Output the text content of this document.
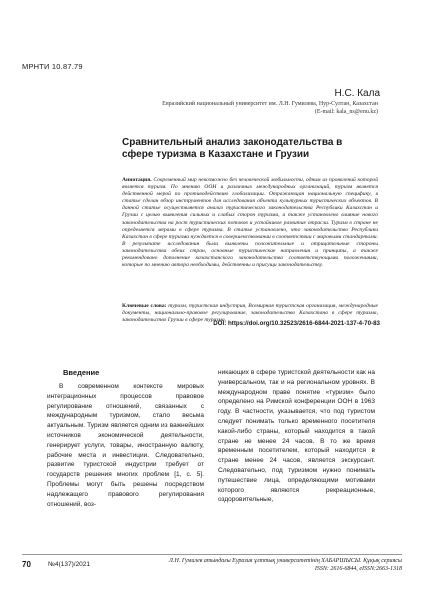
МРНТИ 10.87.79
Н.С. Кала
Евразийский национальный университет им. Л.Н. Гумилева, Нур-Султан, Казахстан
(E-mail: kala_ns@enu.kz)
Сравнительный анализ законодательства в сфере туризма в Казахстане и Грузии
Аннотация. Современный мир невозможно без человеческой мобильности, одним из проявлений которой является туризм. По мнению ООН и различных международных организаций, туризм является действенной мерой по противодействию глобализации. Отражающая национальную специфику, в статье сделан обзор инструментов для исследования объекта культурных туристических объектов. В данной статье осуществляется анализ туристического законодательства Республики Казахстан и Грузии с целью выявления сильных и слабых сторон туризма, а также установлено влияние нового законодательства на рост туристических потоков и устойчивое развитие отрасли. Туризм в стране не определяется мерами в сфере туризма. В статье установлено, что законодательство Республики Казахстан в сфере туризма нуждается в совершенствовании в соответствии с мировыми стандартами. В результате исследования были выявлены положительные и отрицательные стороны законодательства обеих стран, основные туристические направления и принципы, а также рекомендовано дополнение казахстанского законодательства соответствующими положениями, которые по мнению автора необходимы, действенны и присущи законодательству.
Ключевые слова: туризм, туристская индустрия, Всемирная туристская организация, международные документы, национально-правовое регулирование, законодательство Казахстана в сфере туризма, законодательство Грузии в сфере туризма.
DOI: https://doi.org/10.32523/2616-6844-2021-137-4-70-83
Введение

В современном контексте мировых интеграционных процессов правовое регулирование отношений, связанных с международным туризмом, стало весьма актуальным. Туризм является одним из важнейших источников экономической деятельности, генерирует услуги, товары, иностранную валюту, рабочие места и инвестиции. Следовательно, развитие туристской индустрии требует от государств решения многих проблем [1, с. 5]. Проблемы могут быть решены посредством надлежащего правового регулирования отношений, воз-

никающих в сфере туристской деятельности как на универсальном, так и на региональном уровнях. В международном праве понятие «туризм» было определено на Римской конференции ООН в 1963 году. В частности, указывается, что под туристом следует понимать только временного посетителя какой-либо страны, который находится в такой стране не менее 24 часов. В то же время временным посетителем, который находится в стране менее 24 часов, является экскурсант. Следовательно, под туризмом нужно понимать путешествие лица, определяющими мотивами которого являются рекреационные, оздоровительные,

70	№4(137)/2021	Л.Н. Гумилев атындағы Еуразия ұлттық университетінің ХАБАРШЫСЫ. Құқық сериясы
ISSN: 2616-6844, eISSN:2663-1318
